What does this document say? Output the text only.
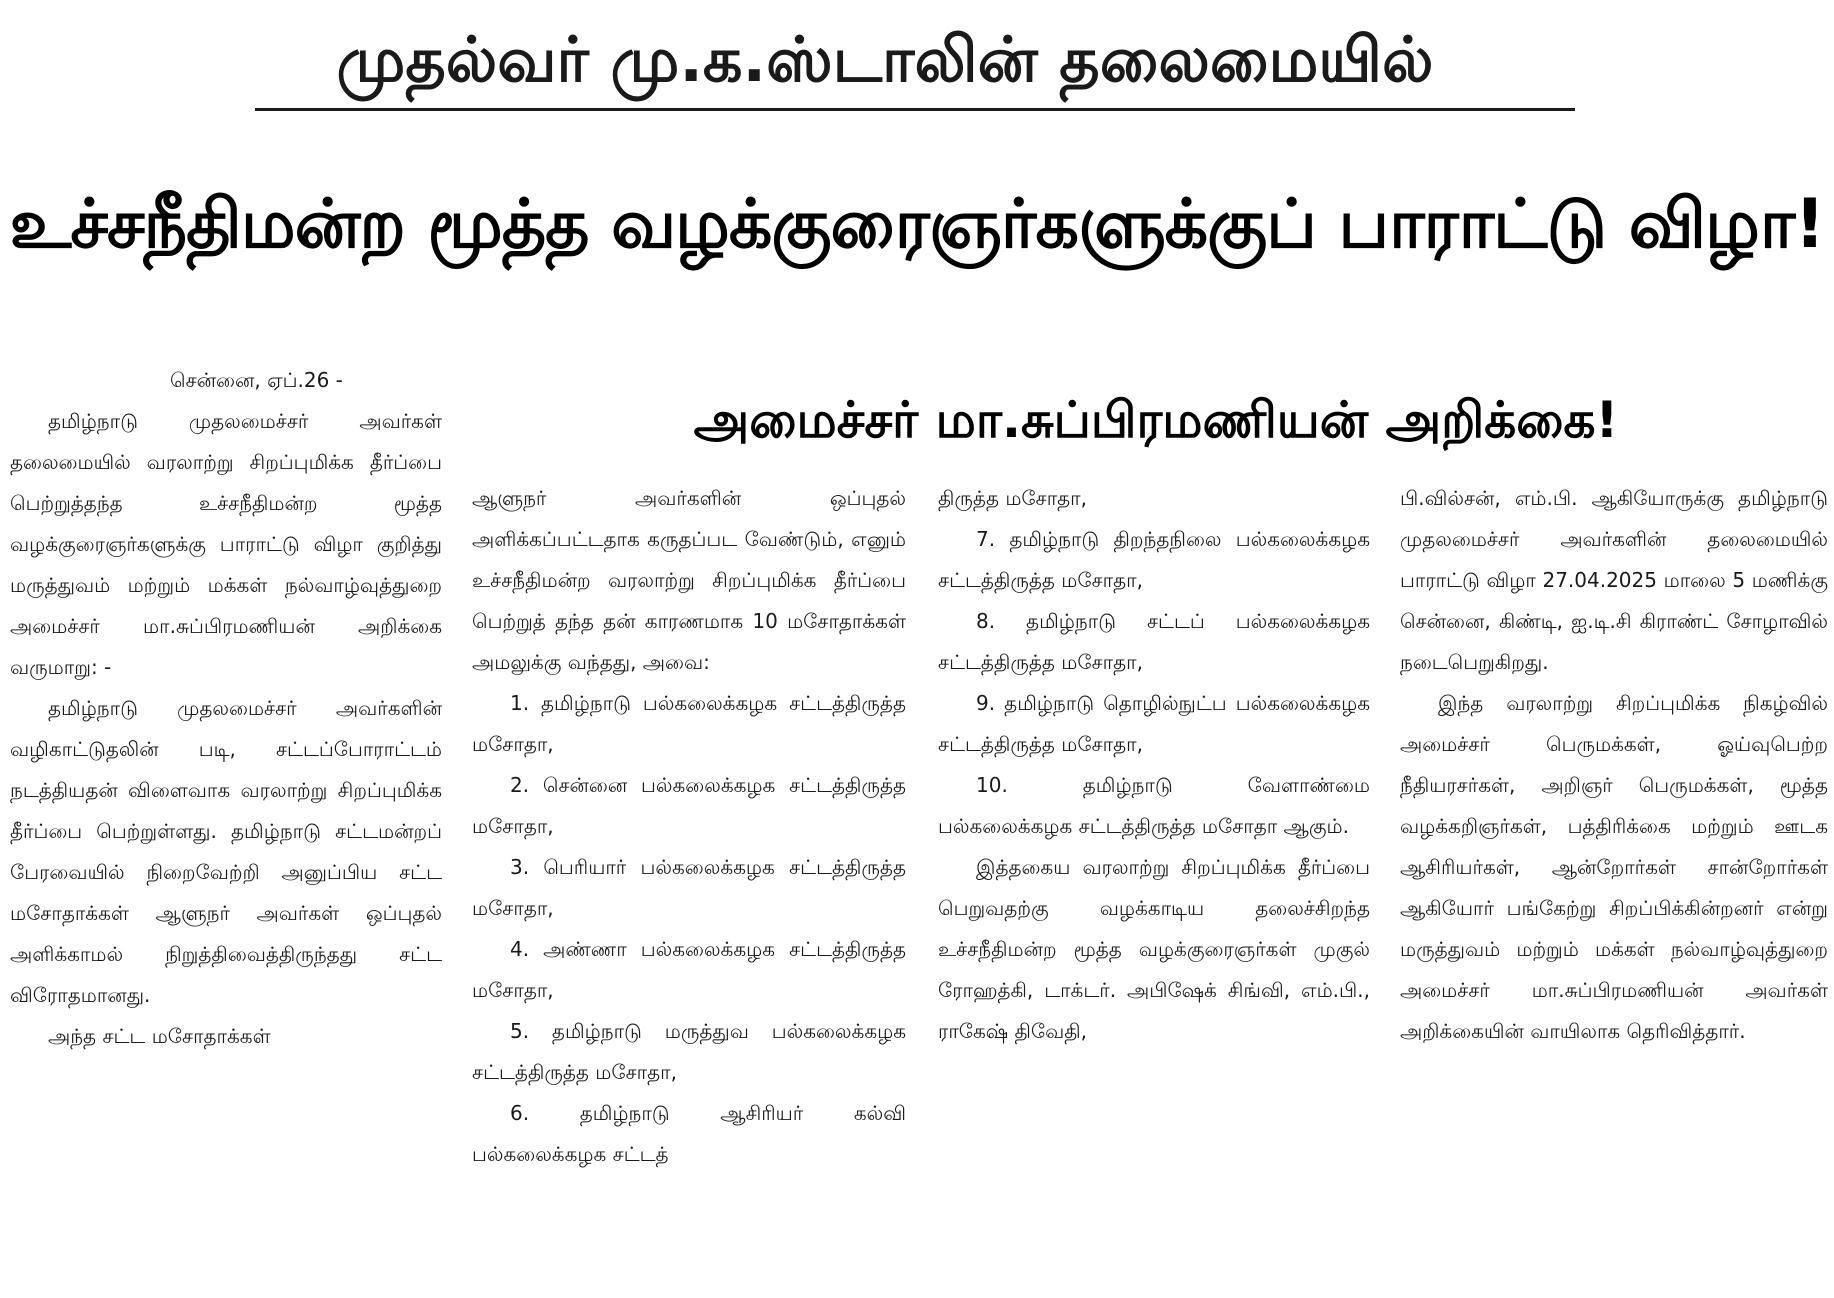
முதல்வர் மு.க.ஸ்டாலின் தலைமையில்
உச்சநீதிமன்ற மூத்த வழக்குரைஞர்களுக்குப் பாராட்டு விழா!
அமைச்சர் மா.சுப்பிரமணியன் அறிக்கை!

சென்னை, ஏப்.26 -

தமிழ்நாடு முதலமைச்சர் அவர்கள் தலைமையில் வரலாற்று சிறப்புமிக்க தீர்ப்பை பெற்றுத்தந்த உச்சநீதிமன்ற மூத்த வழக்குரைஞர்களுக்கு பாராட்டு விழா குறித்து மருத்துவம் மற்றும் மக்கள் நல்வாழ்வுத்துறை அமைச்சர் மா.சுப்பிரமணியன் அறிக்கை வருமாறு: -

தமிழ்நாடு முதலமைச்சர் அவர்களின் வழிகாட்டுதலின் படி, சட்டப்போராட்டம் நடத்தியதன் விளைவாக வரலாற்று சிறப்புமிக்க தீர்ப்பை பெற்றுள்ளது. தமிழ்நாடு சட்டமன்றப் பேரவையில் நிறைவேற்றி அனுப்பிய சட்ட மசோதாக்கள் ஆளுநர் அவர்கள் ஒப்புதல் அளிக்காமல் நிறுத்திவைத்திருந்தது சட்ட விரோதமானது.

அந்த சட்ட மசோதாக்கள்

ஆளுநர் அவர்களின் ஒப்புதல் அளிக்கப்பட்டதாக கருதப்பட வேண்டும், எனும் உச்சநீதிமன்ற வரலாற்று சிறப்புமிக்க தீர்ப்பை பெற்றுத் தந்த தன் காரணமாக 10 மசோதாக்கள் அமலுக்கு வந்தது, அவை:

1. தமிழ்நாடு பல்கலைக்கழக சட்டத்திருத்த மசோதா,

2. சென்னை பல்கலைக்கழக சட்டத்திருத்த மசோதா,

3. பெரியார் பல்கலைக்கழக சட்டத்திருத்த மசோதா,

4. அண்ணா பல்கலைக்கழக சட்டத்திருத்த மசோதா,

5. தமிழ்நாடு மருத்துவ பல்கலைக்கழக சட்டத்திருத்த மசோதா,

6. தமிழ்நாடு ஆசிரியர் கல்வி பல்கலைக்கழக சட்டத்

திருத்த மசோதா,

7. தமிழ்நாடு திறந்தநிலை பல்கலைக்கழக சட்டத்திருத்த மசோதா,

8. தமிழ்நாடு சட்டப் பல்கலைக்கழக சட்டத்திருத்த மசோதா,

9. தமிழ்நாடு தொழில்நுட்ப பல்கலைக்கழக சட்டத்திருத்த மசோதா,

10. தமிழ்நாடு வேளாண்மை பல்கலைக்கழக சட்டத்திருத்த மசோதா ஆகும்.

இத்தகைய வரலாற்று சிறப்புமிக்க தீர்ப்பை பெறுவதற்கு வழக்காடிய தலைச்சிறந்த உச்சநீதிமன்ற மூத்த வழக்குரைஞர்கள் முகுல் ரோஹத்கி, டாக்டர். அபிஷேக் சிங்வி, எம்.பி., ராகேஷ் திவேதி,

பி.வில்சன், எம்.பி. ஆகியோருக்கு தமிழ்நாடு முதலமைச்சர் அவர்களின் தலைமையில் பாராட்டு விழா 27.04.2025 மாலை 5 மணிக்கு சென்னை, கிண்டி, ஐ.டி.சி கிராண்ட் சோழாவில் நடைபெறுகிறது.

இந்த வரலாற்று சிறப்புமிக்க நிகழ்வில் அமைச்சர் பெருமக்கள், ஓய்வுபெற்ற நீதியரசர்கள், அறிஞர் பெருமக்கள், மூத்த வழக்கறிஞர்கள், பத்திரிக்கை மற்றும் ஊடக ஆசிரியர்கள், ஆன்றோர்கள் சான்றோர்கள் ஆகியோர் பங்கேற்று சிறப்பிக்கின்றனர் என்று மருத்துவம் மற்றும் மக்கள் நல்வாழ்வுத்துறை அமைச்சர் மா.சுப்பிரமணியன் அவர்கள் அறிக்கையின் வாயிலாக தெரிவித்தார்.
